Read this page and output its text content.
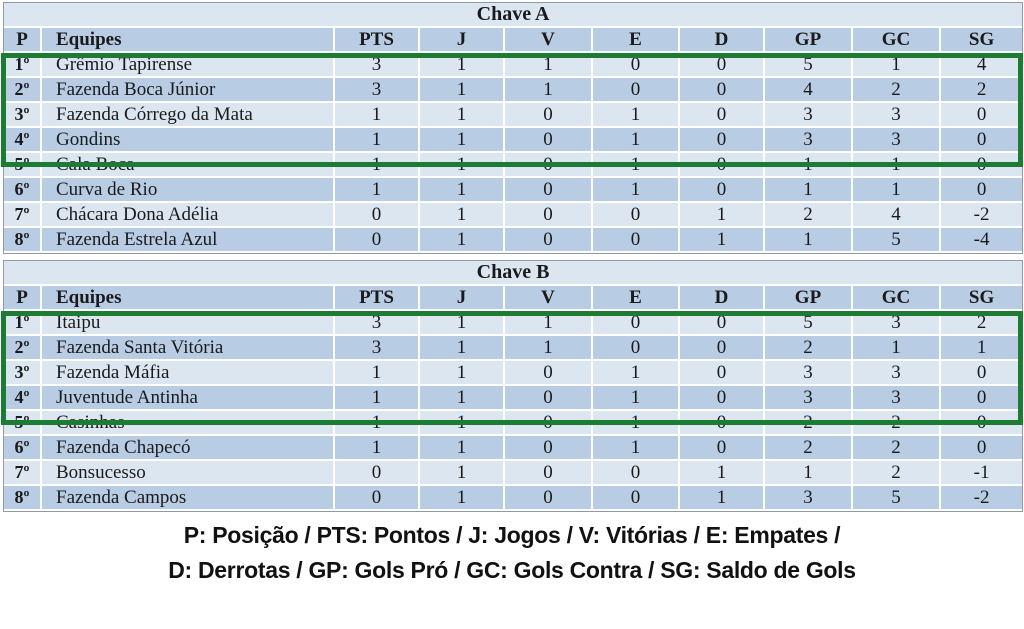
Chave A									
P	Equipes	PTS	J	V	E	D	GP	GC	SG
1º	Grêmio Tapirense	3	1	1	0	0	5	1	4
2º	Fazenda Boca Júnior	3	1	1	0	0	4	2	2
3º	Fazenda Córrego da Mata	1	1	0	1	0	3	3	0
4º	Gondins	1	1	0	1	0	3	3	0
5º	Cala Boca	1	1	0	1	0	1	1	0
6º	Curva de Rio	1	1	0	1	0	1	1	0
7º	Chácara Dona Adélia	0	1	0	0	1	2	4	-2
8º	Fazenda Estrela Azul	0	1	0	0	1	1	5	-4
Chave B									
P	Equipes	PTS	J	V	E	D	GP	GC	SG
1º	Itaipu	3	1	1	0	0	5	3	2
2º	Fazenda Santa Vitória	3	1	1	0	0	2	1	1
3º	Fazenda Máfia	1	1	0	1	0	3	3	0
4º	Juventude Antinha	1	1	0	1	0	3	3	0
5º	Casinhas	1	1	0	1	0	2	2	0
6º	Fazenda Chapecó	1	1	0	1	0	2	2	0
7º	Bonsucesso	0	1	0	0	1	1	2	-1
8º	Fazenda Campos	0	1	0	0	1	3	5	-2
P: Posição / PTS: Pontos / J: Jogos / V: Vitórias / E: Empates /
D: Derrotas / GP: Gols Pró / GC: Gols Contra / SG: Saldo de Gols
